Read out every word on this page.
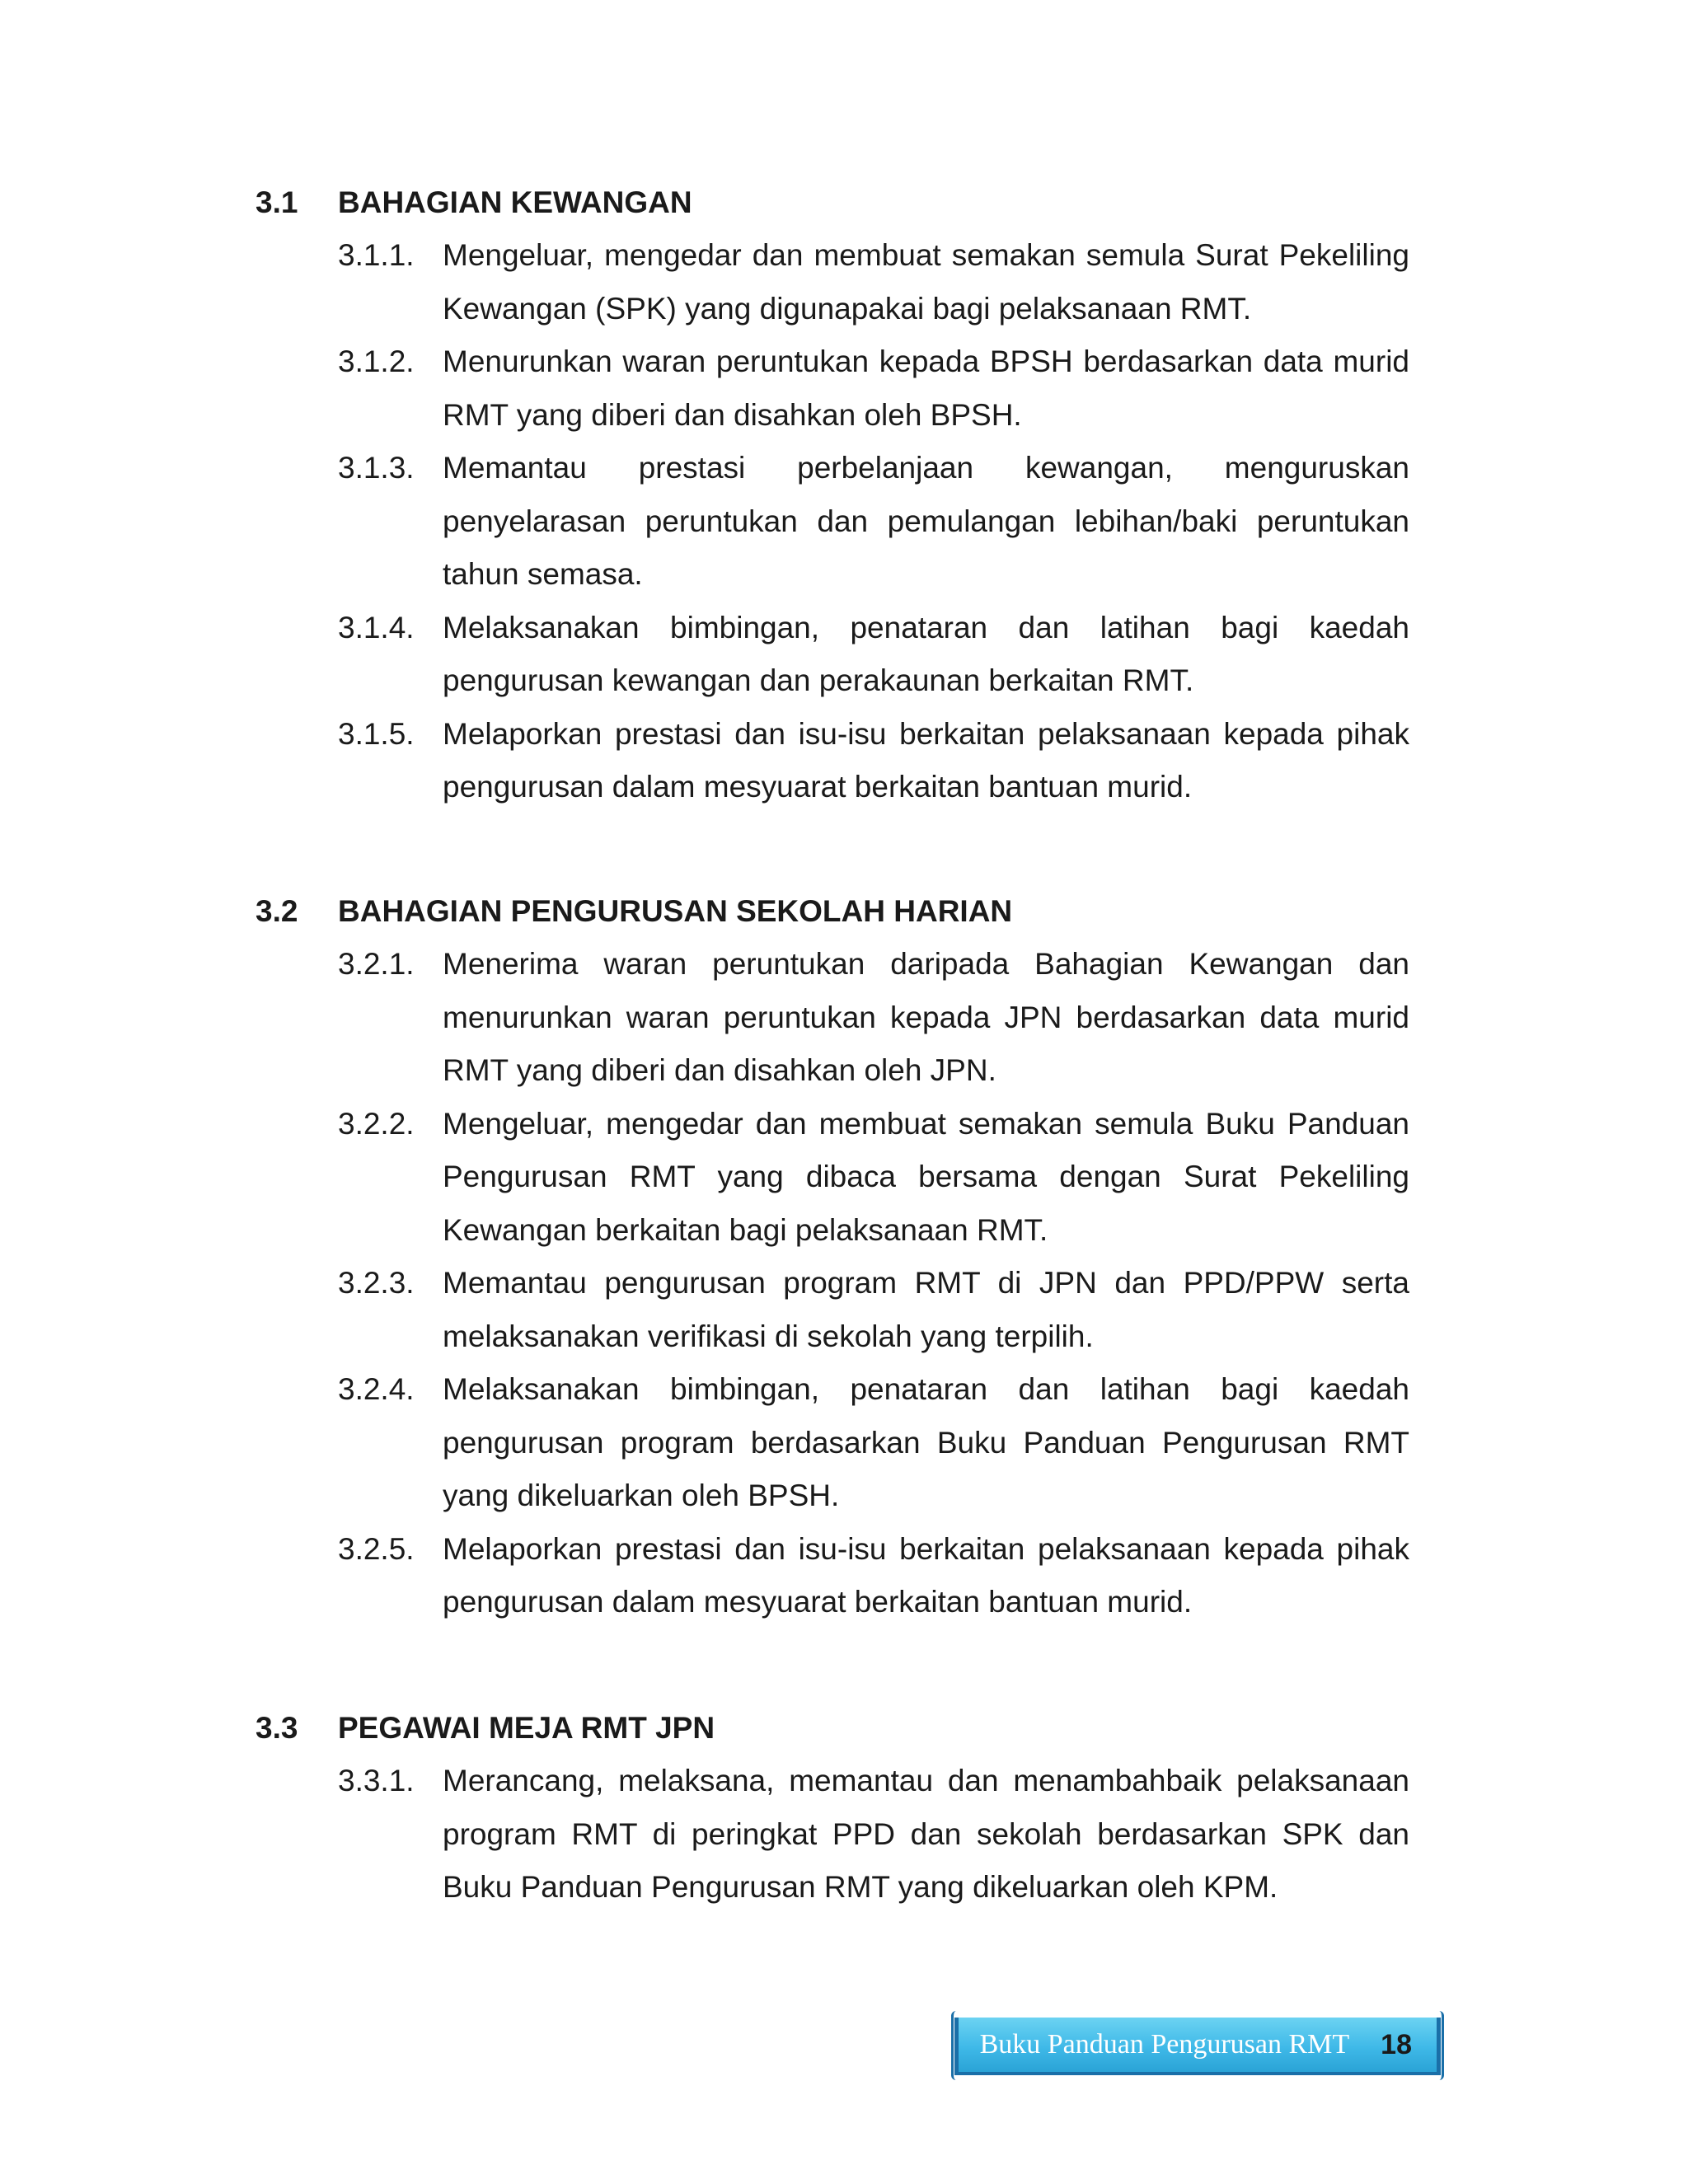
3.1	BAHAGIAN KEWANGAN
3.1.1. Mengeluar, mengedar dan membuat semakan semula Surat Pekeliling Kewangan (SPK) yang digunapakai bagi pelaksanaan RMT.
3.1.2. Menurunkan waran peruntukan kepada BPSH berdasarkan data murid RMT yang diberi dan disahkan oleh BPSH.
3.1.3. Memantau prestasi perbelanjaan kewangan, menguruskan penyelarasan peruntukan dan pemulangan lebihan/baki peruntukan tahun semasa.
3.1.4. Melaksanakan bimbingan, penataran dan latihan bagi kaedah pengurusan kewangan dan perakaunan berkaitan RMT.
3.1.5. Melaporkan prestasi dan isu-isu berkaitan pelaksanaan kepada pihak pengurusan dalam mesyuarat berkaitan bantuan murid.
3.2	BAHAGIAN PENGURUSAN SEKOLAH HARIAN
3.2.1. Menerima waran peruntukan daripada Bahagian Kewangan dan menurunkan waran peruntukan kepada JPN berdasarkan data murid RMT yang diberi dan disahkan oleh JPN.
3.2.2. Mengeluar, mengedar dan membuat semakan semula Buku Panduan Pengurusan RMT yang dibaca bersama dengan Surat Pekeliling Kewangan berkaitan bagi pelaksanaan RMT.
3.2.3. Memantau pengurusan program RMT di JPN dan PPD/PPW serta melaksanakan verifikasi di sekolah yang terpilih.
3.2.4. Melaksanakan bimbingan, penataran dan latihan bagi kaedah pengurusan program berdasarkan Buku Panduan Pengurusan RMT yang dikeluarkan oleh BPSH.
3.2.5. Melaporkan prestasi dan isu-isu berkaitan pelaksanaan kepada pihak pengurusan dalam mesyuarat berkaitan bantuan murid.
3.3	PEGAWAI MEJA RMT JPN
3.3.1. Merancang, melaksana, memantau dan menambahbaik pelaksanaan program RMT di peringkat PPD dan sekolah berdasarkan SPK dan Buku Panduan Pengurusan RMT yang dikeluarkan oleh KPM.
Buku Panduan Pengurusan RMT 18
